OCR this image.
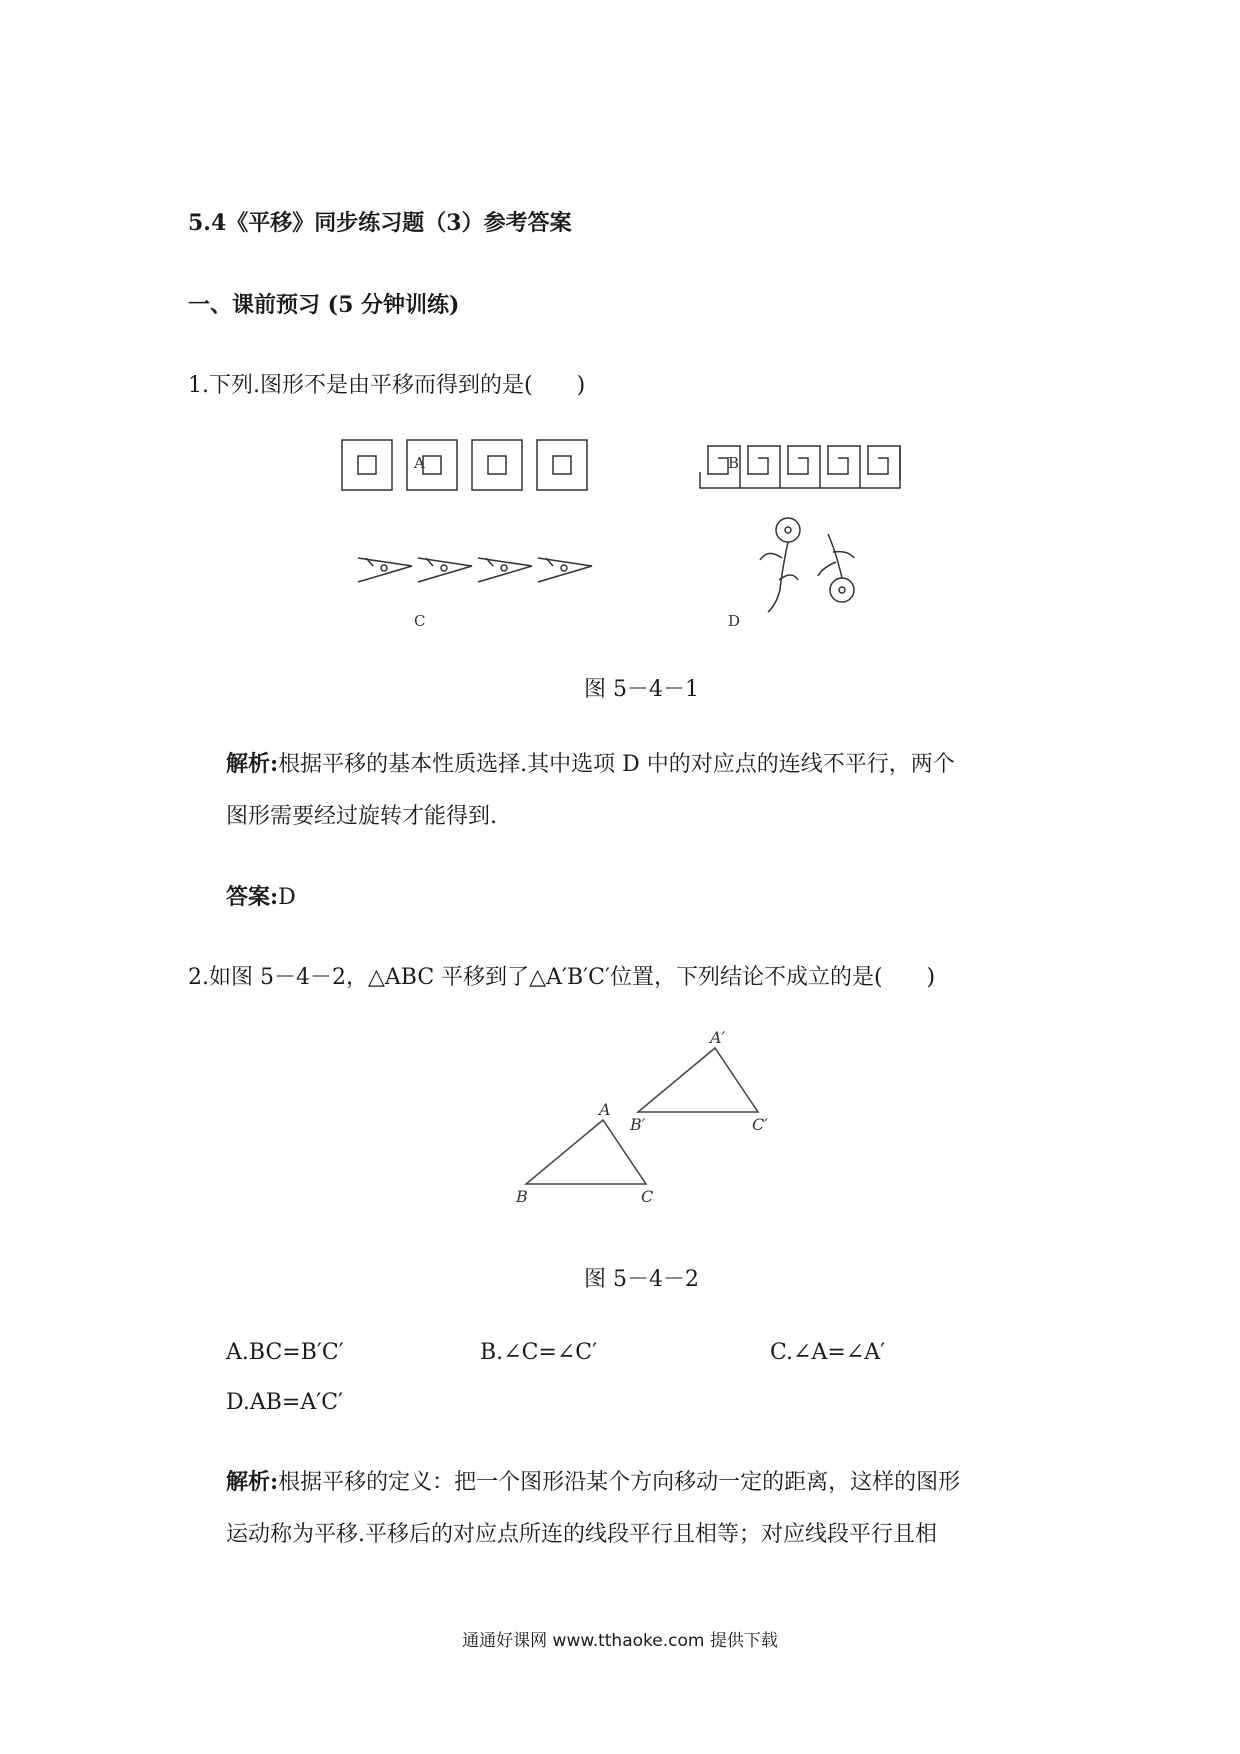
5.4《平移》同步练习题（3）参考答案
一、课前预习 (5 分钟训练)
1.下列.图形不是由平移而得到的是(　　)
A	B
C	D
图 5－4－1
解析:根据平移的基本性质选择.其中选项 D 中的对应点的连线不平行，两个
图形需要经过旋转才能得到.
答案:D
2.如图 5－4－2，△ABC 平移到了△A′B′C′位置，下列结论不成立的是(　　)
A
B	C
A′
B′	C′
图 5－4－2
A.BC=B′C′	B.∠C=∠C′	C.∠A=∠A′
D.AB=A′C′
解析:根据平移的定义：把一个图形沿某个方向移动一定的距离，这样的图形
运动称为平移.平移后的对应点所连的线段平行且相等；对应线段平行且相
通通好课网 www.tthaoke.com 提供下载
